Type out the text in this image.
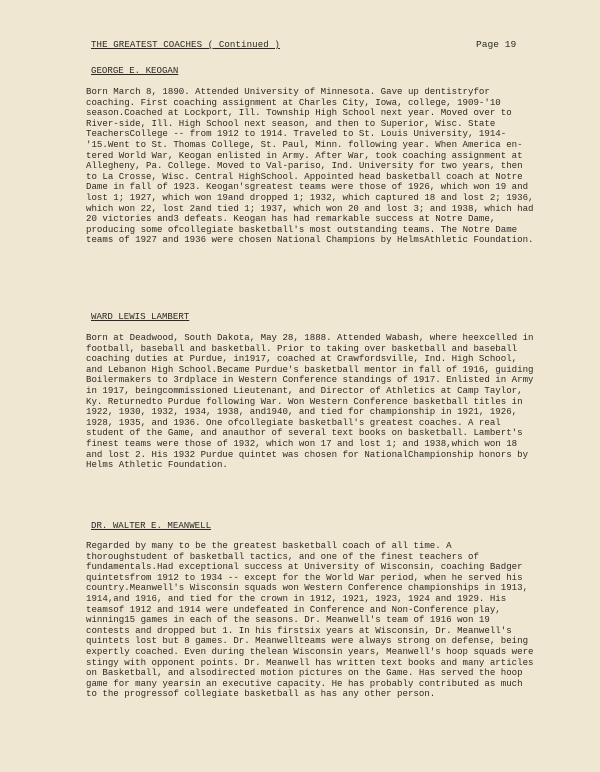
THE GREATEST COACHES ( Continued )	Page 19
GEORGE E. KEOGAN
Born March 8, 1890. Attended University of Minnesota. Gave up dentistryfor coaching. First coaching assignment at Charles City, Iowa, college, 1909-'10 season.Coached at Lockport, Ill. Township High School next year. Moved over to River-side, Ill. High School next season, and then to Superior, Wisc. State TeachersCollege -- from 1912 to 1914. Traveled to St. Louis University, 1914-'15.Went to St. Thomas College, St. Paul, Minn. following year. When America en-tered World War, Keogan enlisted in Army. After War, took coaching assignment at Allegheny, Pa. College. Moved to Val-pariso, Ind. University for two years, then to La Crosse, Wisc. Central HighSchool. Appointed head basketball coach at Notre Dame in fall of 1923. Keogan'sgreatest teams were those of 1926, which won 19 and lost 1; 1927, which won 19and dropped 1; 1932, which captured 18 and lost 2; 1936, which won 22, lost 2and tied 1; 1937, which won 20 and lost 3; and 1938, which had 20 victories and3 defeats. Keogan has had remarkable success at Notre Dame, producing some ofcollegiate basketball's most outstanding teams. The Notre Dame teams of 1927 and 1936 were chosen National Champions by HelmsAthletic Foundation.
WARD LEWIS LAMBERT
Born at Deadwood, South Dakota, May 28, 1888. Attended Wabash, where heexcelled in football, baseball and basketball. Prior to taking over basketball and baseball coaching duties at Purdue, in1917, coached at Crawfordsville, Ind. High School, and Lebanon High School.Became Purdue's basketball mentor in fall of 1916, guiding Boilermakers to 3rdplace in Western Conference standings of 1917. Enlisted in Army in 1917, beingcommissioned Lieutenant, and Director of Athletics at Camp Taylor, Ky. Returnedto Purdue following War. Won Western Conference basketball titles in 1922, 1930, 1932, 1934, 1938, and1940, and tied for championship in 1921, 1926, 1928, 1935, and 1936. One ofcollegiate basketball's greatest coaches. A real student of the Game, and anauthor of several text books on basketball. Lambert's finest teams were those of 1932, which won 17 and lost 1; and 1938,which won 18 and lost 2. His 1932 Purdue quintet was chosen for NationalChampionship honors by Helms Athletic Foundation.
DR. WALTER E. MEANWELL
Regarded by many to be the greatest basketball coach of all time. A thoroughstudent of basketball tactics, and one of the finest teachers of fundamentals.Had exceptional success at University of Wisconsin, coaching Badger quintetsfrom 1912 to 1934 -- except for the World War period, when he served his country.Meanwell's Wisconsin squads won Western Conference championships in 1913, 1914,and 1916, and tied for the crown in 1912, 1921, 1923, 1924 and 1929. His teamsof 1912 and 1914 were undefeated in Conference and Non-Conference play, winning15 games in each of the seasons. Dr. Meanwell's team of 1916 won 19 contests and dropped but 1. In his firstsix years at Wisconsin, Dr. Meanwell's quintets lost but 8 games. Dr. Meanwellteams were always strong on defense, being expertly coached. Even during thelean Wisconsin years, Meanwell's hoop squads were stingy with opponent points. Dr. Meanwell has written text books and many articles on Basketball, and alsodirected motion pictures on the Game. Has served the hoop game for many yearsin an executive capacity. He has probably contributed as much to the progressof collegiate basketball as has any other person.
